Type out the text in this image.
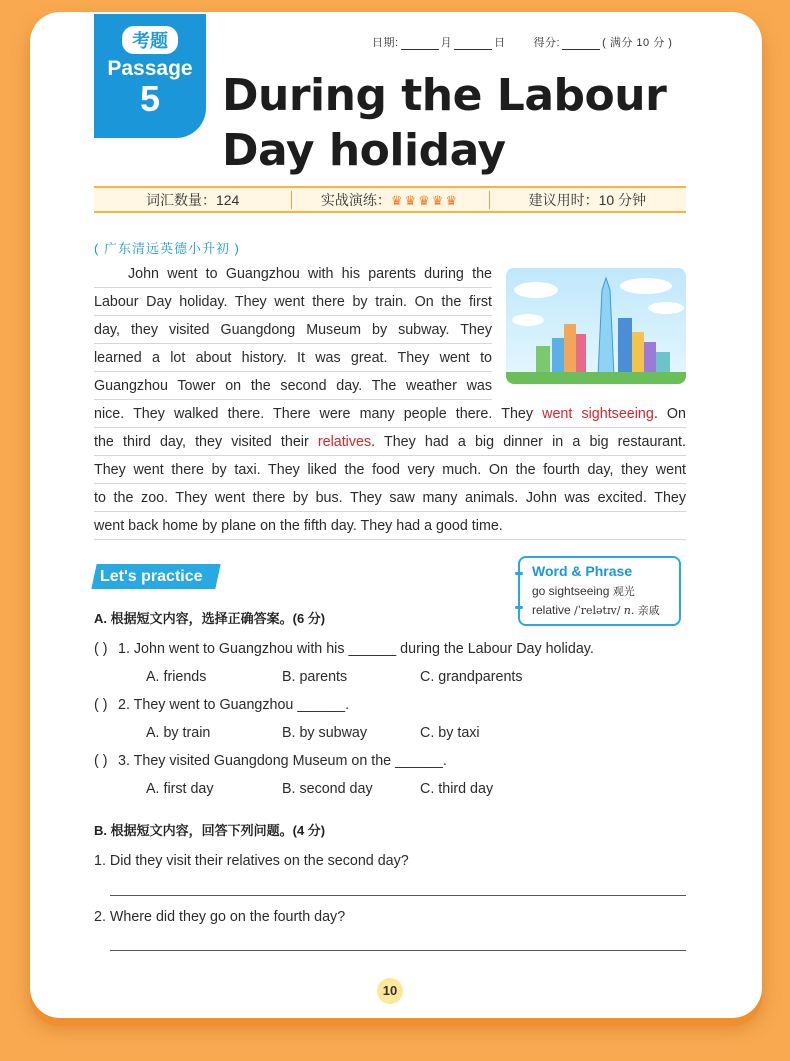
考题
Passage
5
日期:	月	日	得分:	( 满分 10 分 )
During the Labour
Day holiday
词汇数量：124	实战演练：♛♛♛♛♛	建议用时：10 分钟
( 广东清远英德小升初 )
John went to Guangzhou with his parents during the
Labour Day holiday. They went there by train. On the first
day, they visited Guangdong Museum by subway. They
learned a lot about history. It was great. They went to
Guangzhou Tower on the second day. The weather was
nice. They walked there. There were many people there. They went sightseeing. On
the third day, they visited their relatives. They had a big dinner in a big restaurant.
They went there by taxi. They liked the food very much. On the fourth day, they went
to the zoo. They went there by bus. They saw many animals. John was excited. They
went back home by plane on the fifth day. They had a good time.
Let's practice	Word & Phrase
go sightseeing 观光
relative /ˈrelətɪv/ n. 亲戚
A. 根据短文内容，选择正确答案。(6 分)
( ) 1. John went to Guangzhou with his ______ during the Labour Day holiday.
A. friends	B. parents	C. grandparents
( ) 2. They went to Guangzhou ______.
A. by train	B. by subway	C. by taxi
( ) 3. They visited Guangdong Museum on the ______.
A. first day	B. second day	C. third day
B. 根据短文内容，回答下列问题。(4 分)
1. Did they visit their relatives on the second day?
2. Where did they go on the fourth day?
10
